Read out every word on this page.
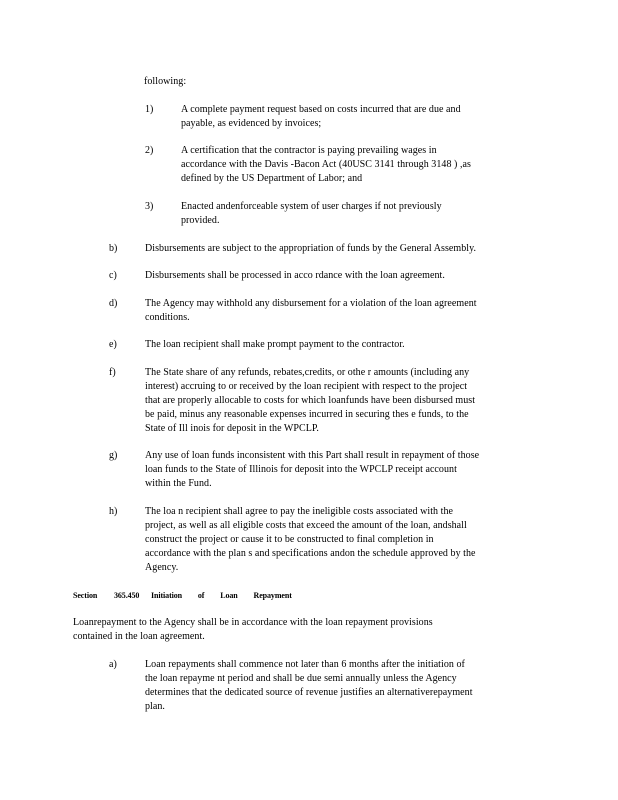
following:
1)	A complete payment request based on costs incurred that are due and
payable, as evidenced by invoices;
2)	A certification that the contractor is paying prevailing wages in
accordance with the Davis -Bacon Act (40USC 3141 through 3148 ) ,as
defined by the US Department of Labor; and
3)	Enacted andenforceable system of user charges if not previously
provided.
b)	Disbursements are subject to the appropriation of funds by the General Assembly.
c)	Disbursements shall be processed in acco rdance with the loan agreement.
d)	The Agency may withhold any disbursement for a violation of the loan agreement
conditions.
e)	The loan recipient shall make prompt payment to the contractor.
f)	The State share of any refunds, rebates,credits, or othe r amounts (including any
interest) accruing to or received by the loan recipient with respect to the project
that are properly allocable to costs for which loanfunds have been disbursed must
be paid, minus any reasonable expenses incurred in securing thes e funds, to the
State of Ill inois for deposit in the WPCLP.
g)	Any use of loan funds inconsistent with this Part shall result in repayment of those
loan funds to the State of Illinois for deposit into the WPCLP receipt account
within the Fund.
h)	The loa n recipient shall agree to pay the ineligible costs associated with the
project, as well as all eligible costs that exceed the amount of the loan, andshall
construct the project or cause it to be constructed to final completion in
accordance with the plan s and specifications andon the schedule approved by the
Agency.
Section 365.450 Initiation of Loan Repayment
Loanrepayment to the Agency shall be in accordance with the loan repayment provisions
contained in the loan agreement.
a)	Loan repayments shall commence not later than 6 months after the initiation of
the loan repayme nt period and shall be due semi annually unless the Agency
determines that the dedicated source of revenue justifies an alternativerepayment
plan.
